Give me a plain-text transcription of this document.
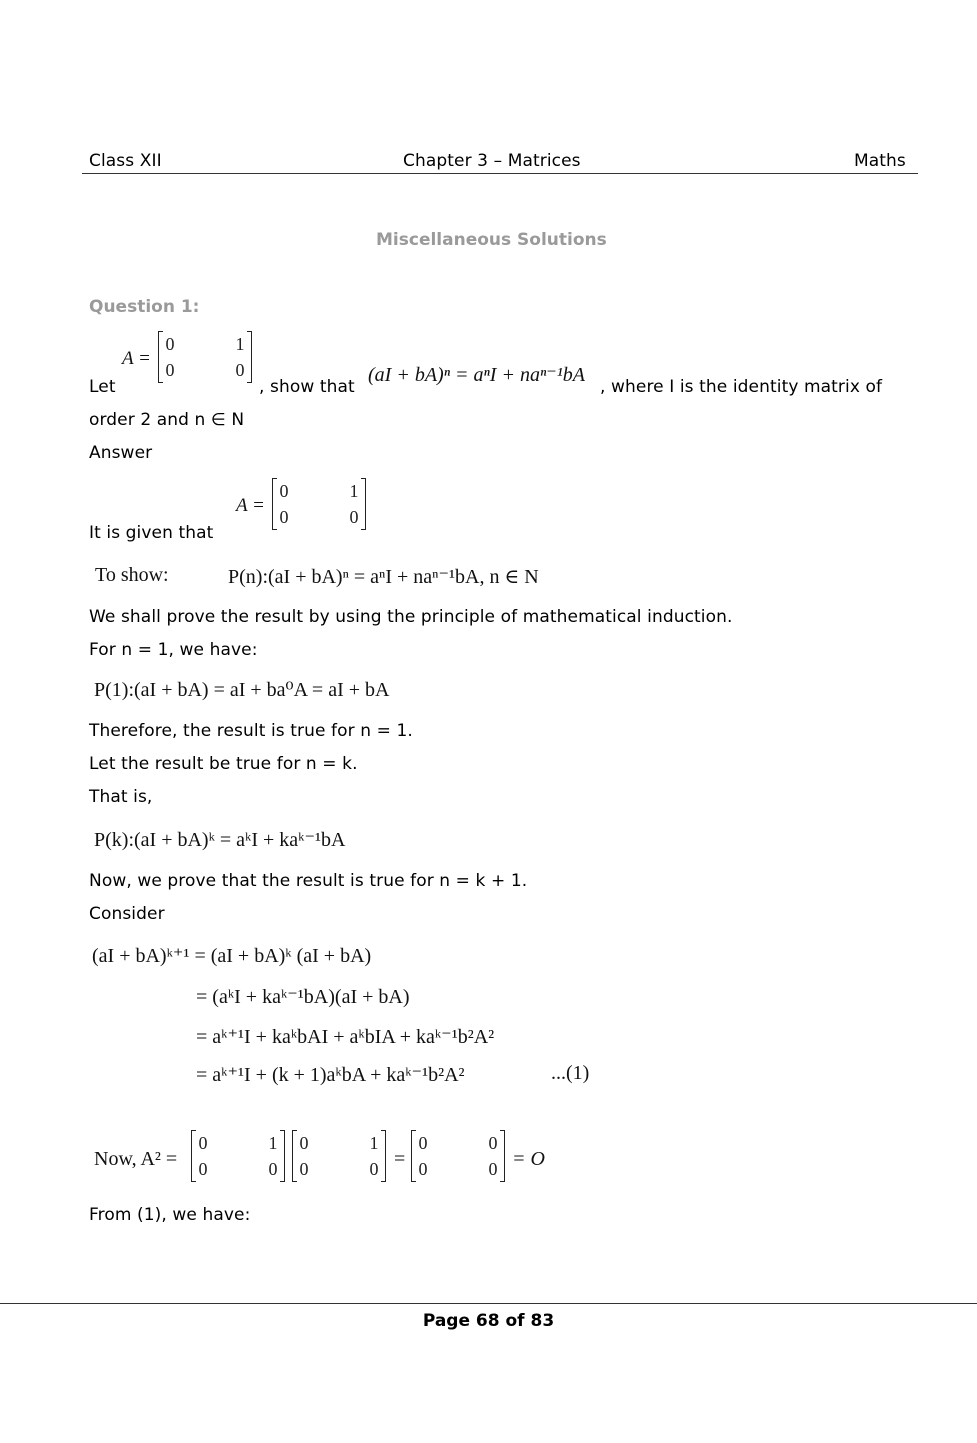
Class XII	Chapter 3 – Matrices	Maths
Miscellaneous Solutions
Question 1:
Let
A =
0	1
0	0
, show that
(aI + bA)ⁿ = aⁿI + naⁿ⁻¹bA
, where I is the identity matrix of
order 2 and n ∈ N
Answer
It is given that
A =
0	1
0	0
To show:	P(n):(aI + bA)ⁿ = aⁿI + naⁿ⁻¹bA, n ∈ N
We shall prove the result by using the principle of mathematical induction.
For n = 1, we have:
P(1):(aI + bA) = aI + ba⁰A = aI + bA
Therefore, the result is true for n = 1.
Let the result be true for n = k.
That is,
P(k):(aI + bA)ᵏ = aᵏI + kaᵏ⁻¹bA
Now, we prove that the result is true for n = k + 1.
Consider
(aI + bA)ᵏ⁺¹ = (aI + bA)ᵏ (aI + bA)
= (aᵏI + kaᵏ⁻¹bA)(aI + bA)
= aᵏ⁺¹I + kaᵏbAI + aᵏbIA + kaᵏ⁻¹b²A²
= aᵏ⁺¹I + (k + 1)aᵏbA + kaᵏ⁻¹b²A²	...(1)
Now, A² =
0	1
0	0
0	1
0	0 =
0	0
0	0 = O
From (1), we have:
Page 68 of 83
